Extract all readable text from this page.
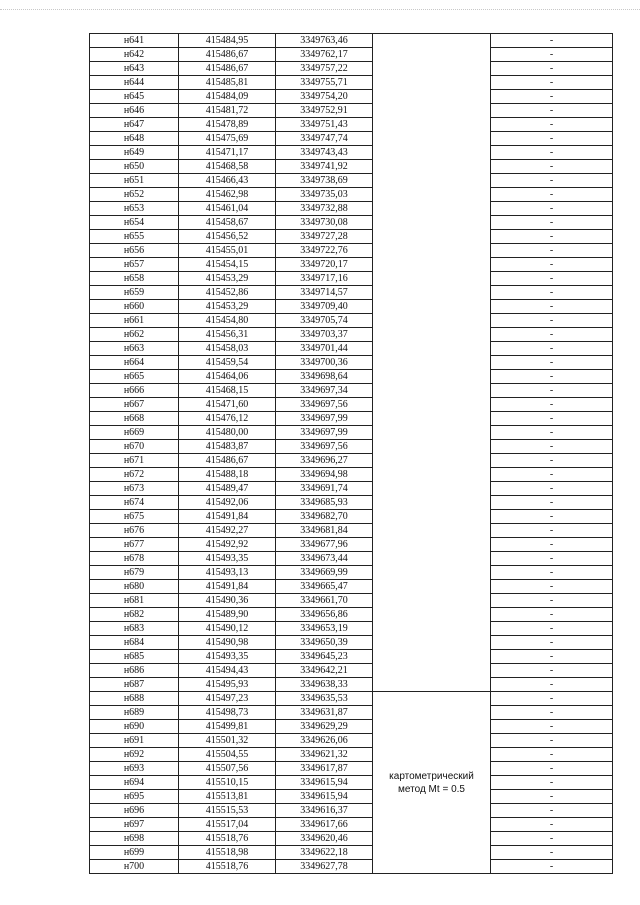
н641	415484,95	3349763,46		-
н642	415486,67	3349762,17		-
н643	415486,67	3349757,22		-
н644	415485,81	3349755,71		-
н645	415484,09	3349754,20		-
н646	415481,72	3349752,91		-
н647	415478,89	3349751,43		-
н648	415475,69	3349747,74		-
н649	415471,17	3349743,43		-
н650	415468,58	3349741,92		-
н651	415466,43	3349738,69		-
н652	415462,98	3349735,03		-
н653	415461,04	3349732,88		-
н654	415458,67	3349730,08		-
н655	415456,52	3349727,28		-
н656	415455,01	3349722,76		-
н657	415454,15	3349720,17		-
н658	415453,29	3349717,16		-
н659	415452,86	3349714,57		-
н660	415453,29	3349709,40		-
н661	415454,80	3349705,74		-
н662	415456,31	3349703,37		-
н663	415458,03	3349701,44		-
н664	415459,54	3349700,36		-
н665	415464,06	3349698,64		-
н666	415468,15	3349697,34		-
н667	415471,60	3349697,56		-
н668	415476,12	3349697,99		-
н669	415480,00	3349697,99		-
н670	415483,87	3349697,56		-
н671	415486,67	3349696,27		-
н672	415488,18	3349694,98		-
н673	415489,47	3349691,74		-
н674	415492,06	3349685,93		-
н675	415491,84	3349682,70		-
н676	415492,27	3349681,84		-
н677	415492,92	3349677,96		-
н678	415493,35	3349673,44		-
н679	415493,13	3349669,99		-
н680	415491,84	3349665,47		-
н681	415490,36	3349661,70		-
н682	415489,90	3349656,86		-
н683	415490,12	3349653,19		-
н684	415490,98	3349650,39		-
н685	415493,35	3349645,23		-
н686	415494,43	3349642,21		-
н687	415495,93	3349638,33		-
н688	415497,23	3349635,53	картометрический
метод Mt = 0.5	-
н689	415498,73	3349631,87		-
н690	415499,81	3349629,29		-
н691	415501,32	3349626,06		-
н692	415504,55	3349621,32		-
н693	415507,56	3349617,87		-
н694	415510,15	3349615,94		-
н695	415513,81	3349615,94		-
н696	415515,53	3349616,37		-
н697	415517,04	3349617,66		-
н698	415518,76	3349620,46		-
н699	415518,98	3349622,18		-
н700	415518,76	3349627,78		-
